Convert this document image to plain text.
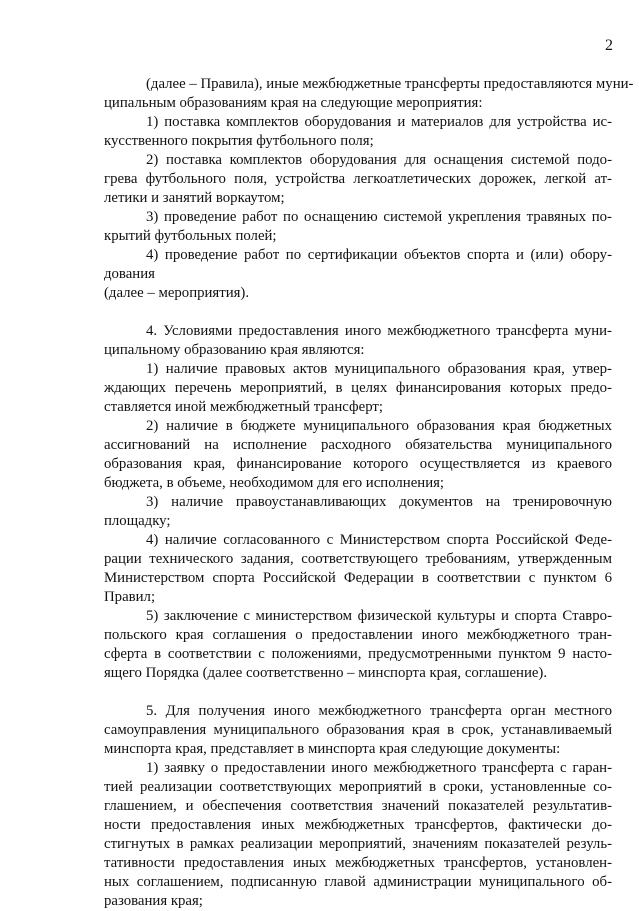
2
(далее – Правила), иные межбюджетные трансферты предоставляются муни-
ципальным образованиям края на следующие мероприятия:
1) поставка комплектов оборудования и материалов для устройства ис-
кусственного покрытия футбольного поля;
2) поставка комплектов оборудования для оснащения системой подо-
грева футбольного поля, устройства легкоатлетических дорожек, легкой ат-
летики и занятий воркаутом;
3) проведение работ по оснащению системой укрепления травяных по-
крытий футбольных полей;
4) проведение работ по сертификации объектов спорта и (или) обору-
дования
(далее – мероприятия).
4. Условиями предоставления иного межбюджетного трансферта муни-
ципальному образованию края являются:
1) наличие правовых актов муниципального образования края, утвер-
ждающих перечень мероприятий, в целях финансирования которых предо-
ставляется иной межбюджетный трансферт;
2) наличие в бюджете муниципального образования края бюджетных
ассигнований на исполнение расходного обязательства муниципального
образования края, финансирование которого осуществляется из краевого
бюджета, в объеме, необходимом для его исполнения;
3) наличие правоустанавливающих документов на тренировочную
площадку;
4) наличие согласованного с Министерством спорта Российской Феде-
рации технического задания, соответствующего требованиям, утвержденным
Министерством спорта Российской Федерации в соответствии с пунктом 6
Правил;
5) заключение с министерством физической культуры и спорта Ставро-
польского края соглашения о предоставлении иного межбюджетного тран-
сферта в соответствии с положениями, предусмотренными пунктом 9 насто-
ящего Порядка (далее соответственно – минспорта края, соглашение).
5. Для получения иного межбюджетного трансферта орган местного
самоуправления муниципального образования края в срок, устанавливаемый
минспорта края, представляет в минспорта края следующие документы:
1) заявку о предоставлении иного межбюджетного трансферта с гаран-
тией реализации соответствующих мероприятий в сроки, установленные со-
глашением, и обеспечения соответствия значений показателей результатив-
ности предоставления иных межбюджетных трансфертов, фактически до-
стигнутых в рамках реализации мероприятий, значениям показателей резуль-
тативности предоставления иных межбюджетных трансфертов, установлен-
ных соглашением, подписанную главой администрации муниципального об-
разования края;
